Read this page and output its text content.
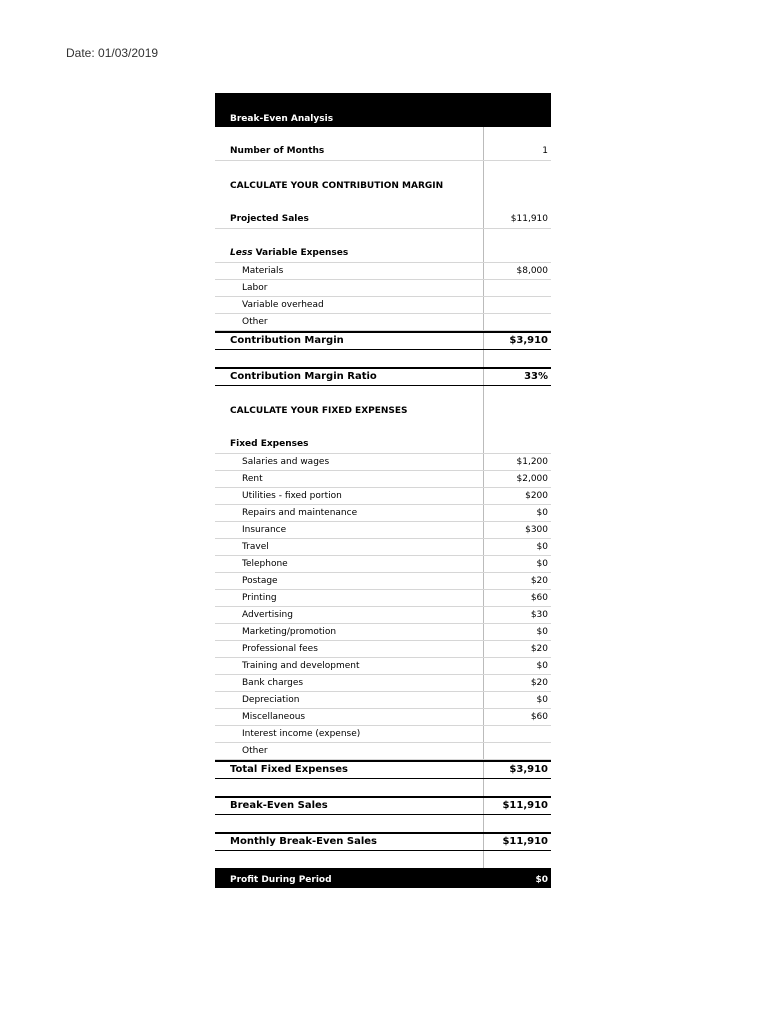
Date: 01/03/2019
Break-Even Analysis
Number of Months	1
CALCULATE YOUR CONTRIBUTION MARGIN
Projected Sales	$11,910
Less Variable Expenses
Materials	$8,000
Labor
Variable overhead
Other
Contribution Margin	$3,910
Contribution Margin Ratio	33%
CALCULATE YOUR FIXED EXPENSES
Fixed Expenses
Salaries and wages	$1,200
Rent	$2,000
Utilities - fixed portion	$200
Repairs and maintenance	$0
Insurance	$300
Travel	$0
Telephone	$0
Postage	$20
Printing	$60
Advertising	$30
Marketing/promotion	$0
Professional fees	$20
Training and development	$0
Bank charges	$20
Depreciation	$0
Miscellaneous	$60
Interest income (expense)
Other
Total Fixed Expenses	$3,910
Break-Even Sales	$11,910
Monthly Break-Even Sales	$11,910
Profit During Period	$0
